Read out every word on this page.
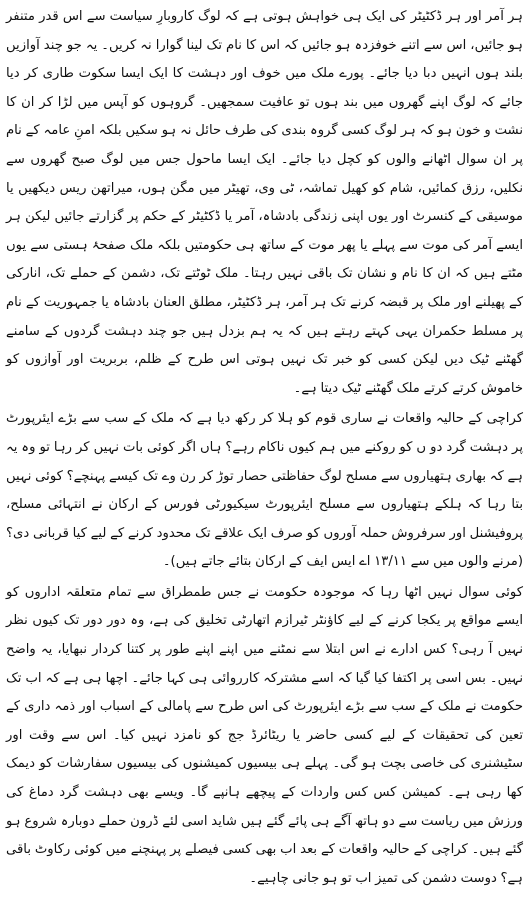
ہر آمر اور ہر ڈکٹیٹر کی ایک ہی خواہش ہوتی ہے کہ لوگ کاروبارِ سیاست سے اس قدر متنفر ہو جائیں، اس سے اتنے خوفزدہ ہو جائیں کہ اس کا نام تک لینا گوارا نہ کریں۔ یہ جو چند آوازیں بلند ہوں انہیں دبا دیا جائے۔ پورے ملک میں خوف اور دہشت کا ایک ایسا سکوت طاری کر دیا جائے کہ لوگ اپنے گھروں میں بند ہوں تو عافیت سمجھیں۔ گروہوں کو آپس میں لڑا کر ان کا نشت و خون ہو کہ ہر لوگ کسی گروہ بندی کی طرف حائل نہ ہو سکیں بلکہ امنِ عامہ کے نام پر ان سوال اٹھانے والوں کو کچل دیا جائے۔ ایک ایسا ماحول جس میں لوگ صبح گھروں سے نکلیں، رزق کمائیں، شام کو کھیل تماشہ، ٹی وی، تھیٹر میں مگن ہوں، میراتھن ریس دیکھیں یا موسیقی کے کنسرٹ اور یوں اپنی زندگی بادشاہ، آمر یا ڈکٹیٹر کے حکم پر گزارتے جائیں لیکن ہر ایسے آمر کی موت سے پہلے یا پھر موت کے ساتھ ہی حکومتیں بلکہ ملک صفحۂ ہستی سے یوں مٹتے ہیں کہ ان کا نام و نشان تک باقی نہیں رہتا۔ ملک ٹوٹتے تک، دشمن کے حملے تک، انارکی کے پھیلنے اور ملک پر قبضہ کرنے تک ہر آمر، ہر ڈکٹیٹر، مطلق العنان بادشاہ یا جمہوریت کے نام پر مسلط حکمران یہی کہتے رہتے ہیں کہ یہ ہم بزدل ہیں جو چند دہشت گردوں کے سامنے گھٹنے ٹیک دیں لیکن کسی کو خبر تک نہیں ہوتی اس طرح کے ظلم، بربریت اور آوازوں کو خاموش کرتے کرتے ملک گھٹنے ٹیک دیتا ہے۔

کراچی کے حالیہ واقعات نے ساری قوم کو ہلا کر رکھ دیا ہے کہ ملک کے سب سے بڑے ایئرپورٹ پر دہشت گرد دو ں کو روکنے میں ہم کیوں ناکام رہے؟ ہاں اگر کوئی بات نہیں کر رہا تو وہ یہ ہے کہ بھاری ہتھیاروں سے مسلح لوگ حفاظتی حصار توڑ کر رن وے تک کیسے پہنچے؟ کوئی نہیں بتا رہا کہ ہلکے ہتھیاروں سے مسلح ایئرپورٹ سیکیورٹی فورس کے ارکان نے انتہائی مسلح، پروفیشنل اور سرفروش حملہ آوروں کو صرف ایک علاقے تک محدود کرنے کے لیے کیا قربانی دی؟ (مرنے والوں میں سے ۱۳/۱۱ اے ایس ایف کے ارکان بتائے جاتے ہیں)۔

کوئی سوال نہیں اٹھا رہا کہ موجودہ حکومت نے جس طمطراق سے تمام متعلقہ اداروں کو ایسے مواقع پر یکجا کرنے کے لیے کاؤنٹر ٹیرازم اتھارٹی تخلیق کی ہے، وہ دور دور تک کیوں نظر نہیں آ رہی؟ کس ادارے نے اس ابتلا سے نمٹنے میں اپنے اپنے طور پر کتنا کردار نبھایا، یہ واضح نہیں۔ بس اسی پر اکتفا کیا گیا کہ اسے مشترکہ کارروائی ہی کہا جائے۔ اچھا ہی ہے کہ اب تک حکومت نے ملک کے سب سے بڑے ایئرپورٹ کی اس طرح سے پامالی کے اسباب اور ذمہ داری کے تعین کی تحقیقات کے لیے کسی حاضر یا ریٹائرڈ جج کو نامزد نہیں کیا۔ اس سے وقت اور سٹیشنری کی خاصی بچت ہو گی۔ پہلے ہی بیسیوں کمیشنوں کی بیسیوں سفارشات کو دیمک کھا رہی ہے۔ کمیشن کس کس واردات کے پیچھے ہانپے گا۔ ویسے بھی دہشت گرد دماغ کی ورزش میں ریاست سے دو ہاتھ آگے ہی پائے گئے ہیں شاید اسی لئے ڈرون حملے دوبارہ شروع ہو گئے ہیں۔ کراچی کے حالیہ واقعات کے بعد اب بھی کسی فیصلے پر پہنچنے میں کوئی رکاوٹ باقی ہے؟ دوست دشمن کی تمیز اب تو ہو جانی چاہیے۔
